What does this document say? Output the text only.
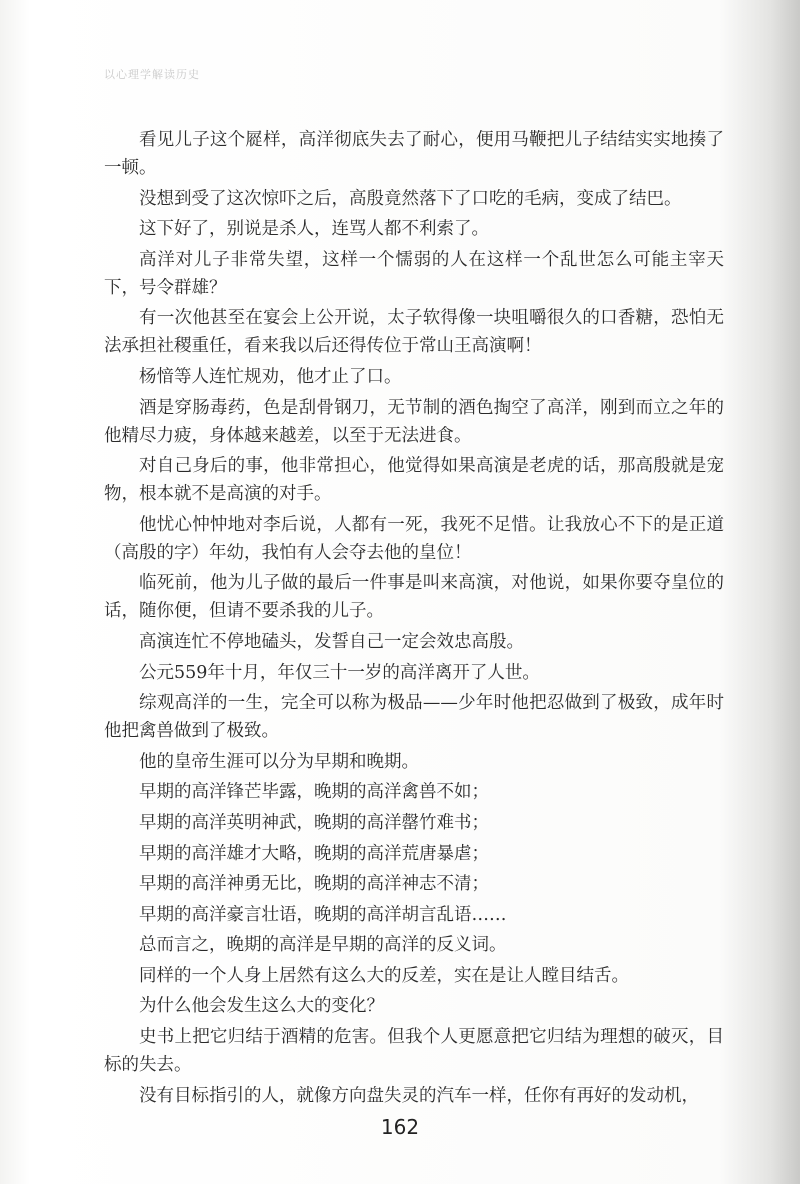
以心理学解读历史

看见儿子这个㞞样，高洋彻底失去了耐心，便用马鞭把儿子结结实实地揍了一顿。

没想到受了这次惊吓之后，高殷竟然落下了口吃的毛病，变成了结巴。

这下好了，别说是杀人，连骂人都不利索了。

高洋对儿子非常失望，这样一个懦弱的人在这样一个乱世怎么可能主宰天下，号令群雄？

有一次他甚至在宴会上公开说，太子软得像一块咀嚼很久的口香糖，恐怕无法承担社稷重任，看来我以后还得传位于常山王高演啊！

杨愔等人连忙规劝，他才止了口。

酒是穿肠毒药，色是刮骨钢刀，无节制的酒色掏空了高洋，刚到而立之年的他精尽力疲，身体越来越差，以至于无法进食。

对自己身后的事，他非常担心，他觉得如果高演是老虎的话，那高殷就是宠物，根本就不是高演的对手。

他忧心忡忡地对李后说，人都有一死，我死不足惜。让我放心不下的是正道（高殷的字）年幼，我怕有人会夺去他的皇位！

临死前，他为儿子做的最后一件事是叫来高演，对他说，如果你要夺皇位的话，随你便，但请不要杀我的儿子。

高演连忙不停地磕头，发誓自己一定会效忠高殷。

公元559年十月，年仅三十一岁的高洋离开了人世。

综观高洋的一生，完全可以称为极品——少年时他把忍做到了极致，成年时他把禽兽做到了极致。

他的皇帝生涯可以分为早期和晚期。

早期的高洋锋芒毕露，晚期的高洋禽兽不如；

早期的高洋英明神武，晚期的高洋罄竹难书；

早期的高洋雄才大略，晚期的高洋荒唐暴虐；

早期的高洋神勇无比，晚期的高洋神志不清；

早期的高洋豪言壮语，晚期的高洋胡言乱语……

总而言之，晚期的高洋是早期的高洋的反义词。

同样的一个人身上居然有这么大的反差，实在是让人瞠目结舌。

为什么他会发生这么大的变化？

史书上把它归结于酒精的危害。但我个人更愿意把它归结为理想的破灭，目标的失去。

没有目标指引的人，就像方向盘失灵的汽车一样，任你有再好的发动机，

162
